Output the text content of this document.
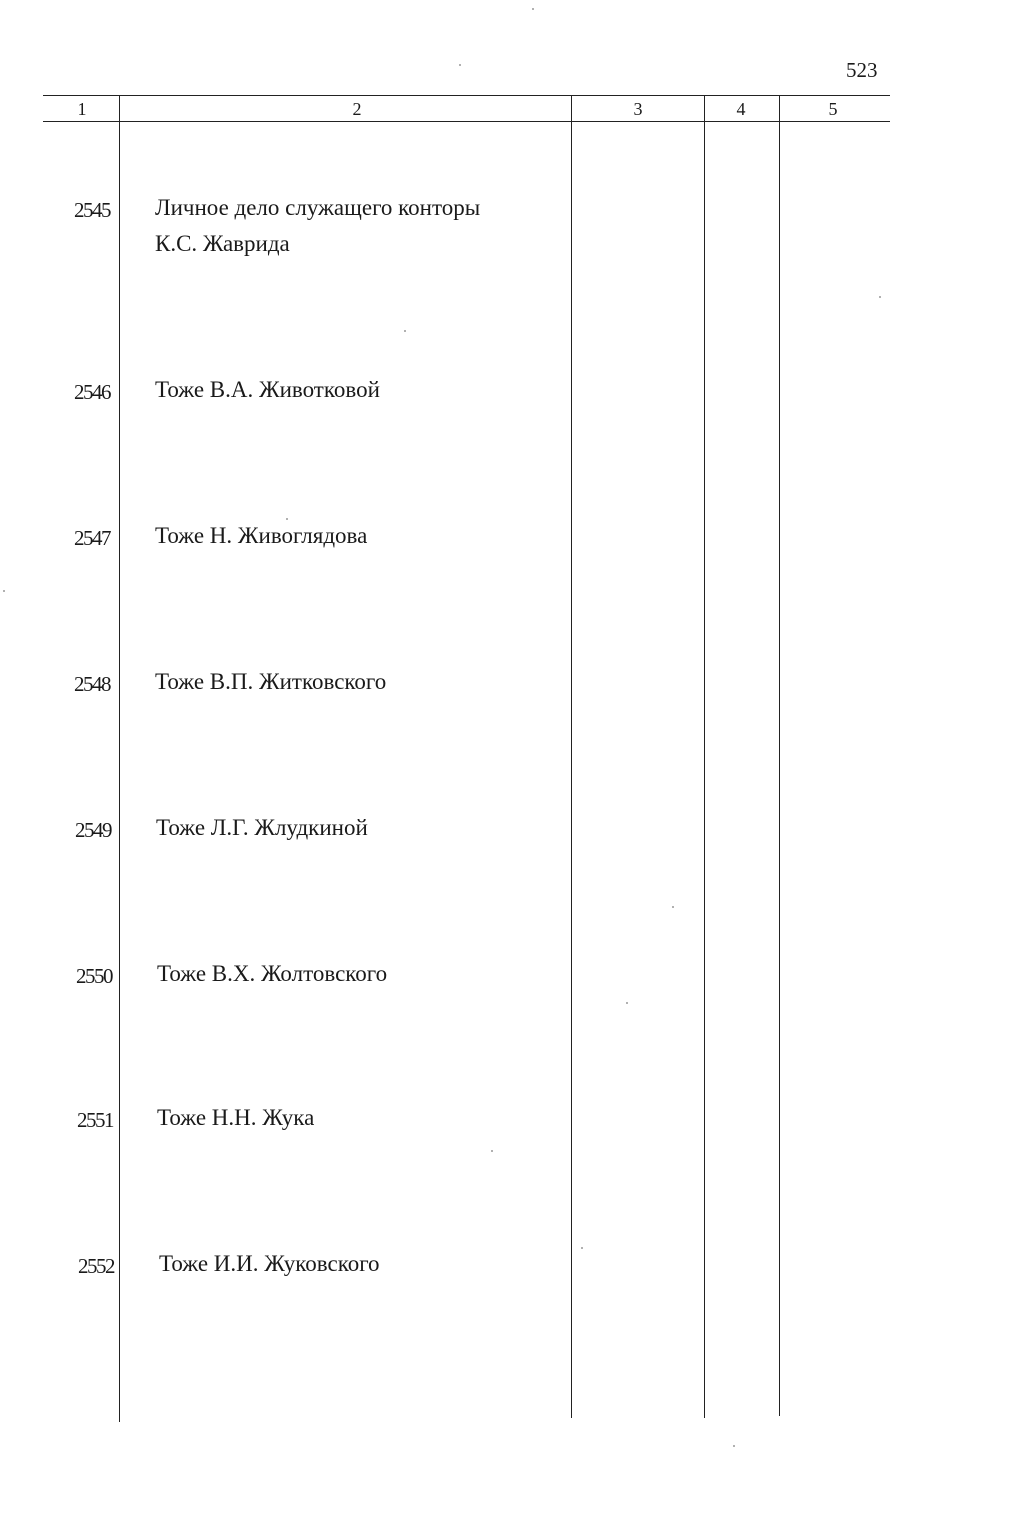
523
1	2	3	4	5
2545 Личное дело служащего конторы
К.С. Жаврида
2546 Тоже В.А. Животковой
2547 Тоже Н. Живоглядова
2548 Тоже В.П. Житковского
2549 Тоже Л.Г. Жлудкиной
2550 Тоже В.Х. Жолтовского
2551 Тоже Н.Н. Жука
2552 Тоже И.И. Жуковского
